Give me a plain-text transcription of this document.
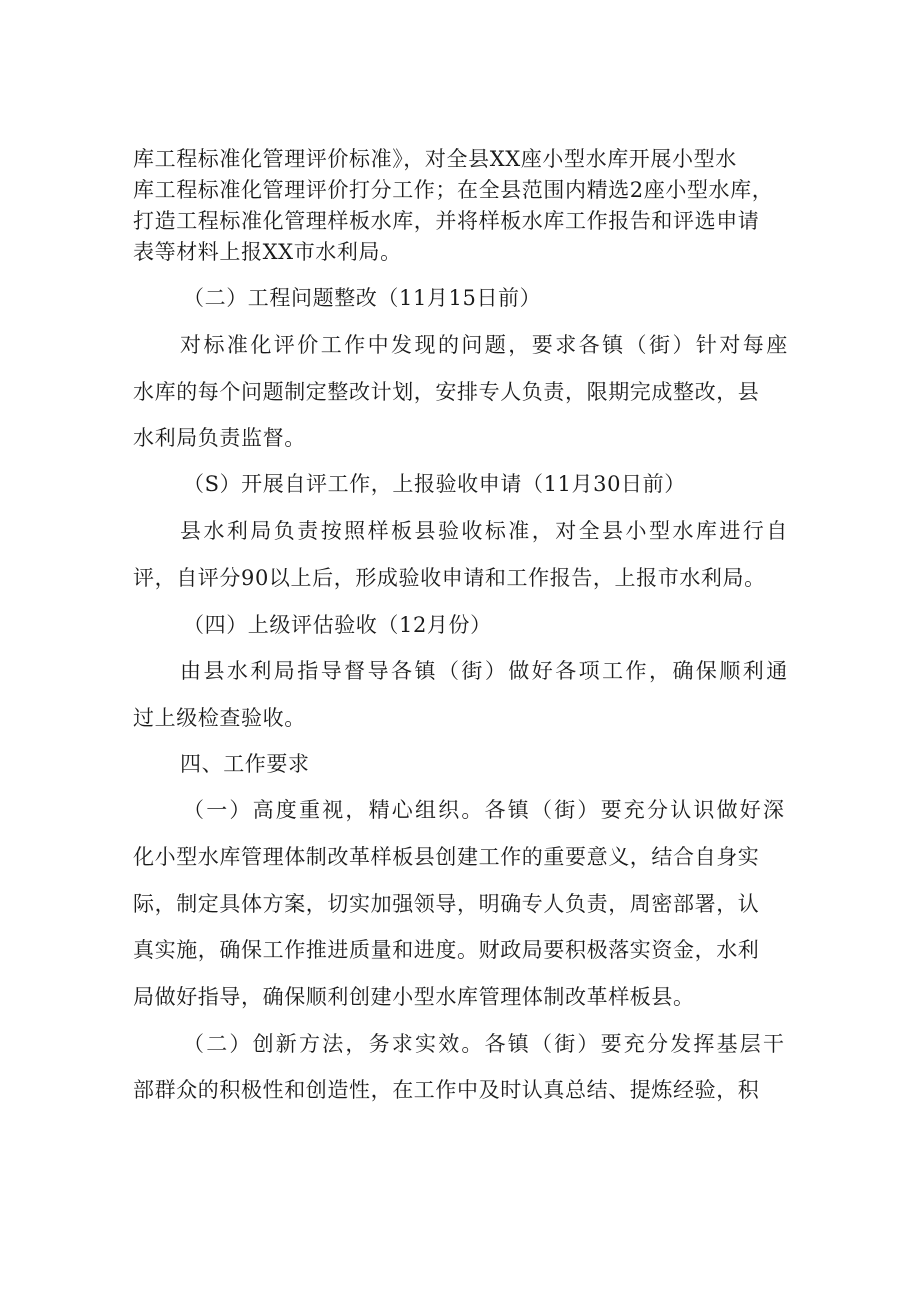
库工程标准化管理评价标准》，对全县XX座小型水库开展小型水
库工程标准化管理评价打分工作；在全县范围内精选2座小型水库，
打造工程标准化管理样板水库，并将样板水库工作报告和评选申请
表等材料上报XX市水利局。
（二）工程问题整改（11月15日前）
对标准化评价工作中发现的问题，要求各镇（街）针对每座
水库的每个问题制定整改计划，安排专人负责，限期完成整改，县
水利局负责监督。
（S）开展自评工作，上报验收申请（11月30日前）
县水利局负责按照样板县验收标准，对全县小型水库进行自
评，自评分90以上后，形成验收申请和工作报告，上报市水利局。
（四）上级评估验收（12月份）
由县水利局指导督导各镇（街）做好各项工作，确保顺利通
过上级检查验收。
四、工作要求
（一）高度重视，精心组织。各镇（街）要充分认识做好深
化小型水库管理体制改革样板县创建工作的重要意义，结合自身实
际，制定具体方案，切实加强领导，明确专人负责，周密部署，认
真实施，确保工作推进质量和进度。财政局要积极落实资金，水利
局做好指导，确保顺利创建小型水库管理体制改革样板县。
（二）创新方法，务求实效。各镇（街）要充分发挥基层干
部群众的积极性和创造性，在工作中及时认真总结、提炼经验，积
